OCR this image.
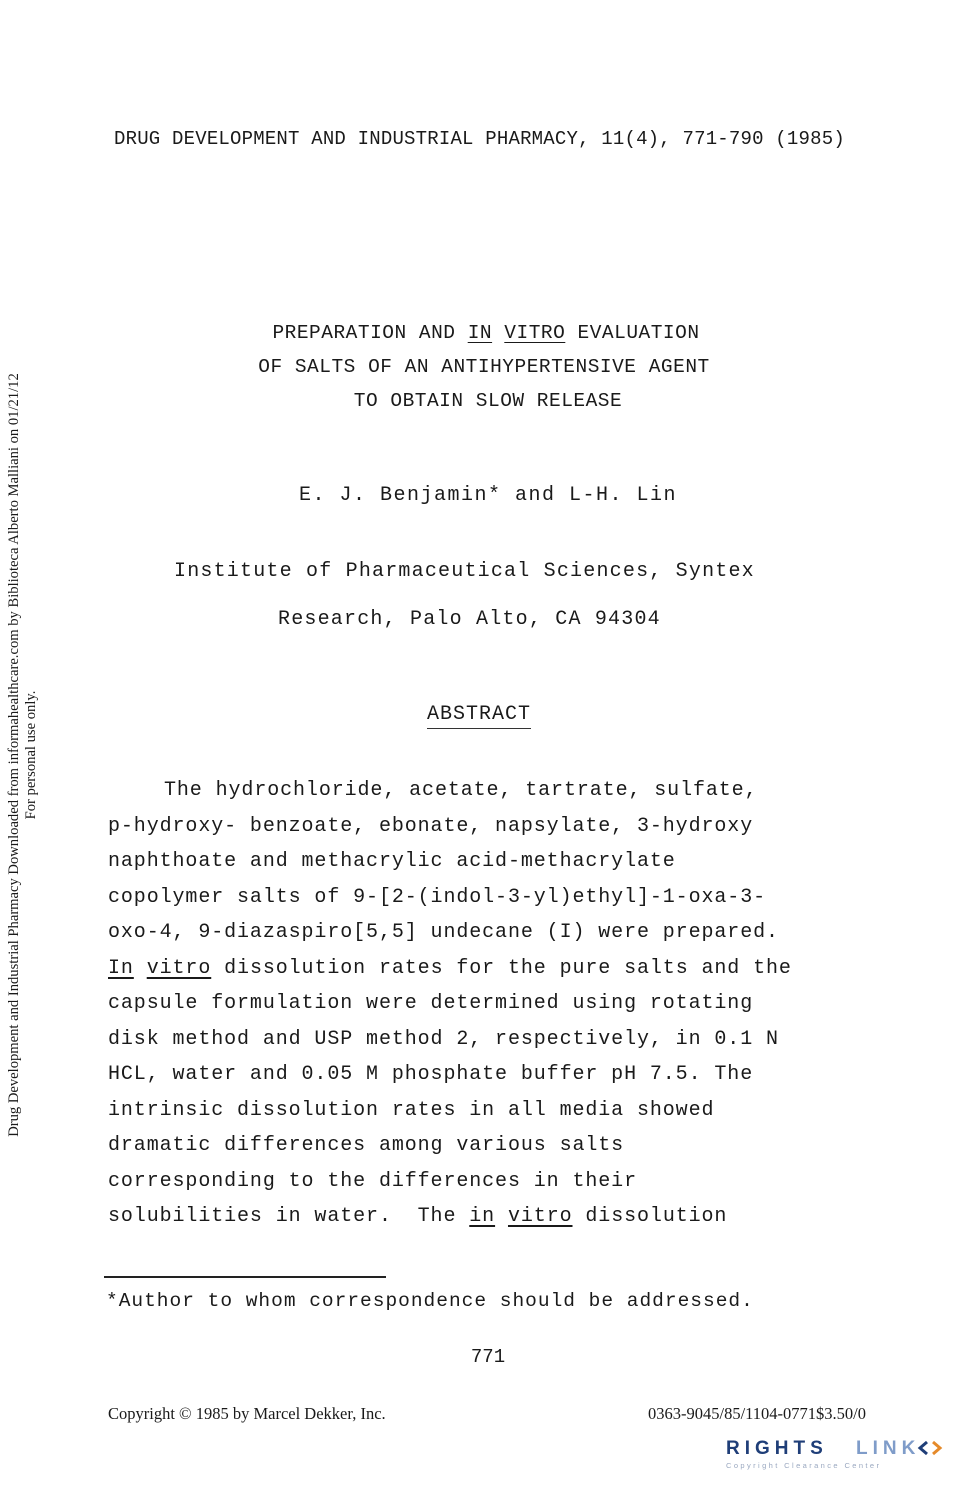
DRUG DEVELOPMENT AND INDUSTRIAL PHARMACY, 11(4), 771-790 (1985)
Drug Development and Industrial Pharmacy Downloaded from informahealthcare.com by Biblioteca Alberto Malliani on 01/21/12 For personal use only.
PREPARATION AND IN VITRO EVALUATION
OF SALTS OF AN ANTIHYPERTENSIVE AGENT
TO OBTAIN SLOW RELEASE
E. J. Benjamin* and L-H. Lin
Institute of Pharmaceutical Sciences, Syntex
Research, Palo Alto, CA 94304
ABSTRACT
The hydrochloride, acetate, tartrate, sulfate,
p-hydroxy- benzoate, ebonate, napsylate, 3-hydroxy
naphthoate and methacrylic acid-methacrylate
copolymer salts of 9-[2-(indol-3-yl)ethyl]-1-oxa-3-
oxo-4, 9-diazaspiro[5,5] undecane (I) were prepared.
In vitro dissolution rates for the pure salts and the
capsule formulation were determined using rotating
disk method and USP method 2, respectively, in 0.1 N
HCL, water and 0.05 M phosphate buffer pH 7.5. The
intrinsic dissolution rates in all media showed
dramatic differences among various salts
corresponding to the differences in their
solubilities in water.  The in vitro dissolution
*Author to whom correspondence should be addressed.
771
Copyright © 1985 by Marcel Dekker, Inc.	0363-9045/85/1104-0771$3.50/0
RIGHTS LINK
Copyright Clearance Center
